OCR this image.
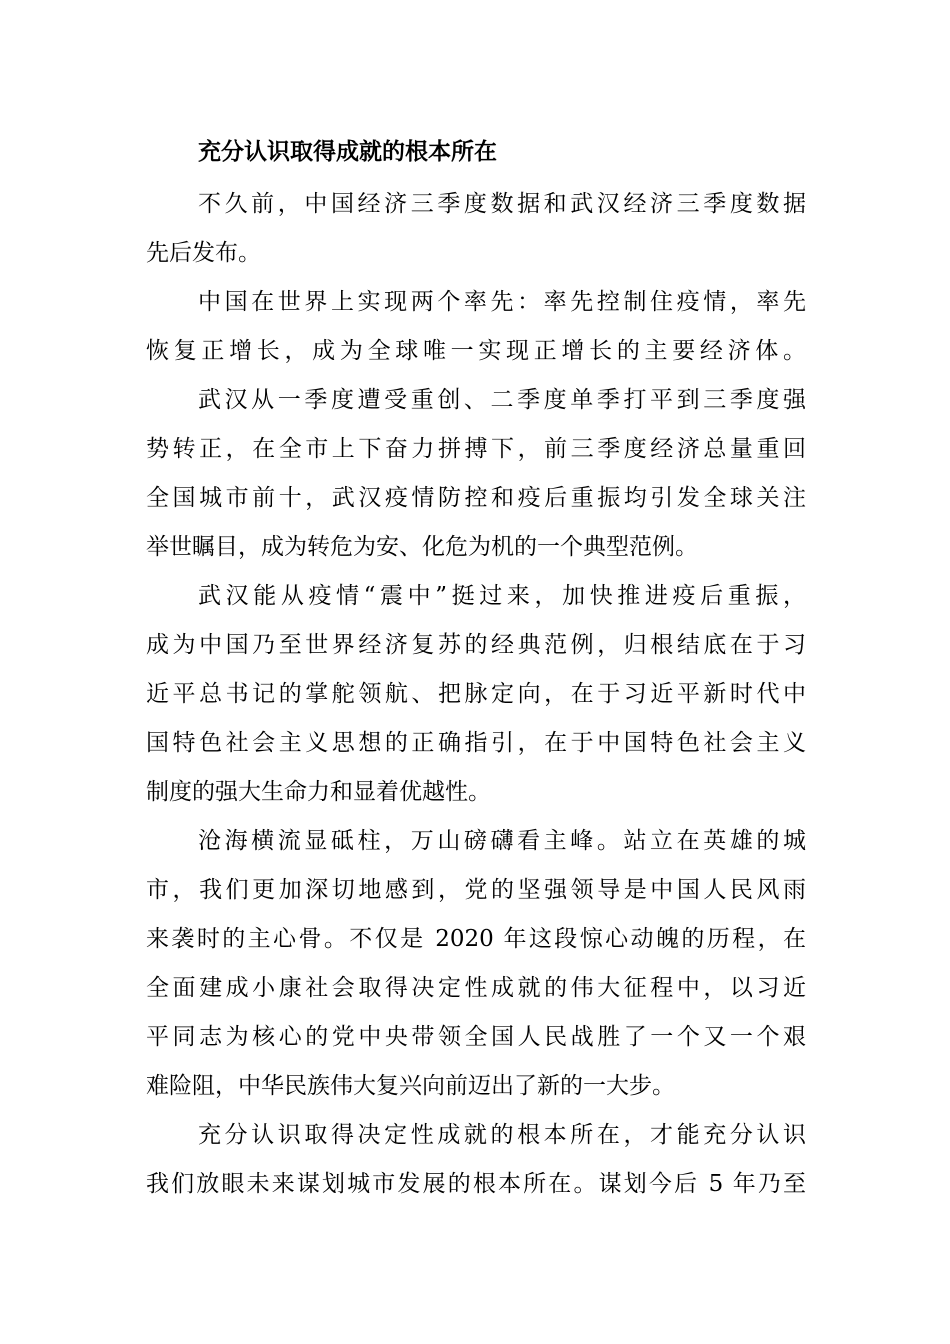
充分认识取得成就的根本所在

不久前，中国经济三季度数据和武汉经济三季度数据
先后发布。

中国在世界上实现两个率先：率先控制住疫情，率先
恢复正增长，成为全球唯一实现正增长的主要经济体。

武汉从一季度遭受重创、二季度单季打平到三季度强
势转正，在全市上下奋力拼搏下，前三季度经济总量重回
全国城市前十，武汉疫情防控和疫后重振均引发全球关注
举世瞩目，成为转危为安、化危为机的一个典型范例。

武汉能从疫情“震中”挺过来，加快推进疫后重振，
成为中国乃至世界经济复苏的经典范例，归根结底在于习
近平总书记的掌舵领航、把脉定向，在于习近平新时代中
国特色社会主义思想的正确指引，在于中国特色社会主义
制度的强大生命力和显着优越性。

沧海横流显砥柱，万山磅礴看主峰。站立在英雄的城
市，我们更加深切地感到，党的坚强领导是中国人民风雨
来袭时的主心骨。不仅是 2020 年这段惊心动魄的历程，在
全面建成小康社会取得决定性成就的伟大征程中，以习近
平同志为核心的党中央带领全国人民战胜了一个又一个艰
难险阻，中华民族伟大复兴向前迈出了新的一大步。

充分认识取得决定性成就的根本所在，才能充分认识
我们放眼未来谋划城市发展的根本所在。谋划今后 5 年乃至
